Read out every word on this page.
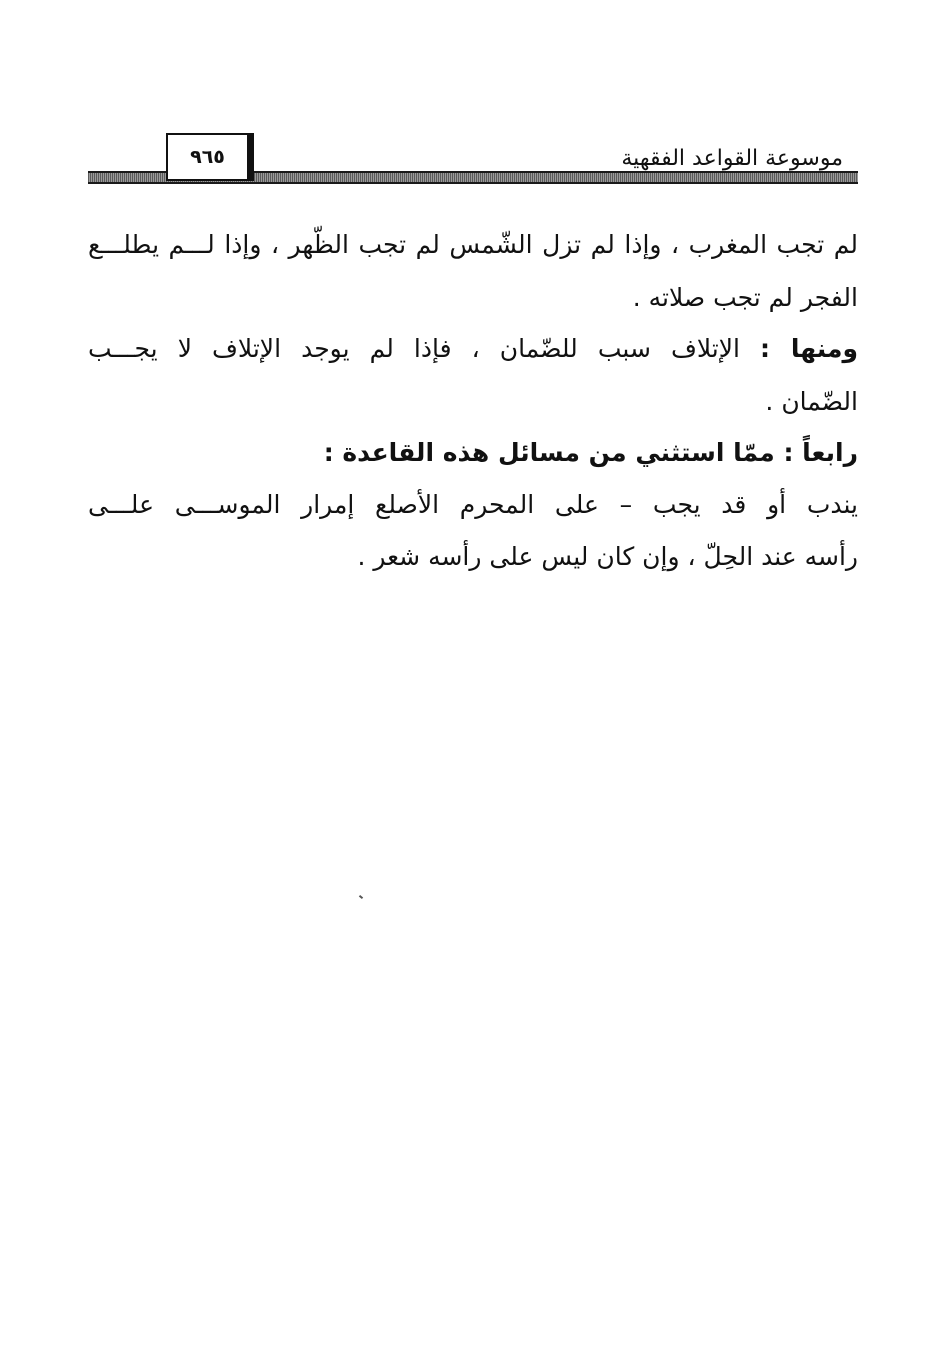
موسوعة القواعد الفقهية
٩٦٥
لم تجب المغرب ، وإذا لم تزل الشّمس لم تجب الظّهر ، وإذا لـــم يطلـــع
الفجر لم تجب صلاته .
ومنها : الإتلاف سبب للضّمان ، فإذا لم يوجد الإتلاف لا يجـــب
الضّمان .
رابعاً : ممّا استثني من مسائل هذه القاعدة :
يندب أو قد يجب – على المحرم الأصلع إمرار الموســـى علـــى
رأسه عند الحِلّ ، وإن كان ليس على رأسه شعر .
